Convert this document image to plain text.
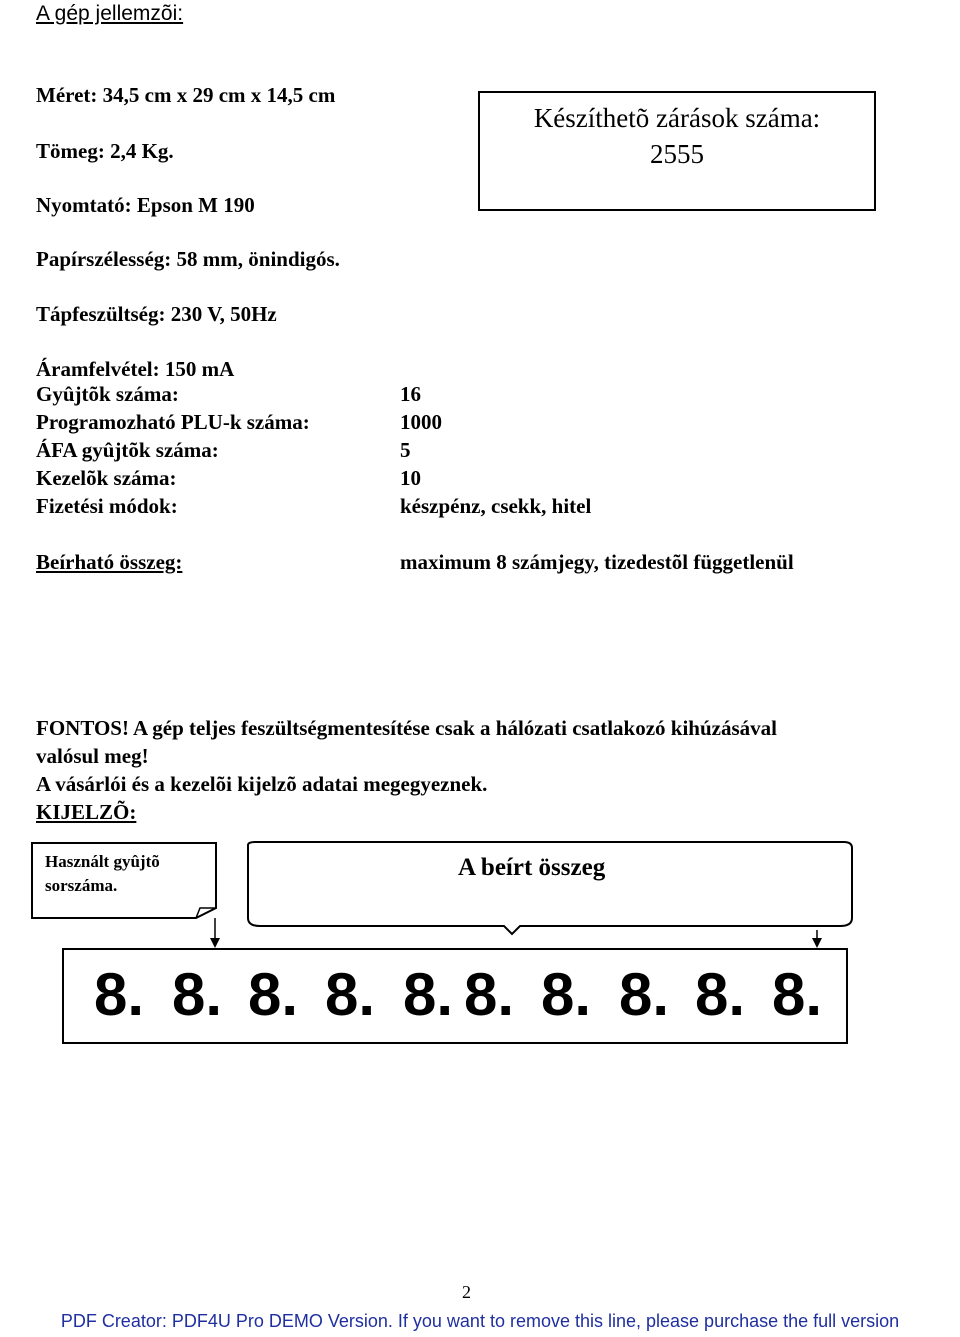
A gép jellemzõi:
Méret: 34,5 cm x 29 cm x 14,5 cm
Tömeg: 2,4 Kg.
Nyomtató: Epson M 190
Papírszélesség: 58 mm, önindigós.
Tápfeszültség: 230 V, 50Hz
Áramfelvétel: 150 mA
Készíthetõ zárások száma:
2555
Gyûjtõk száma:	16
Programozható PLU-k száma:	1000
ÁFA gyûjtõk száma:	5
Kezelõk száma:	10
Fizetési módok:	készpénz, csekk, hitel
Beírható összeg:	maximum 8 számjegy, tizedestõl függetlenül
FONTOS! A gép teljes feszültségmentesítése csak a hálózati csatlakozó kihúzásával
valósul meg!
A vásárlói és a kezelõi kijelzõ adatai megegyeznek.
KIJELZÕ:
Használt gyûjtõ
sorszáma.
A beírt összeg
8. 8. 8. 8. 8. 8. 8. 8. 8. 8.
2
PDF Creator: PDF4U Pro DEMO Version. If you want to remove this line, please purchase the full version
